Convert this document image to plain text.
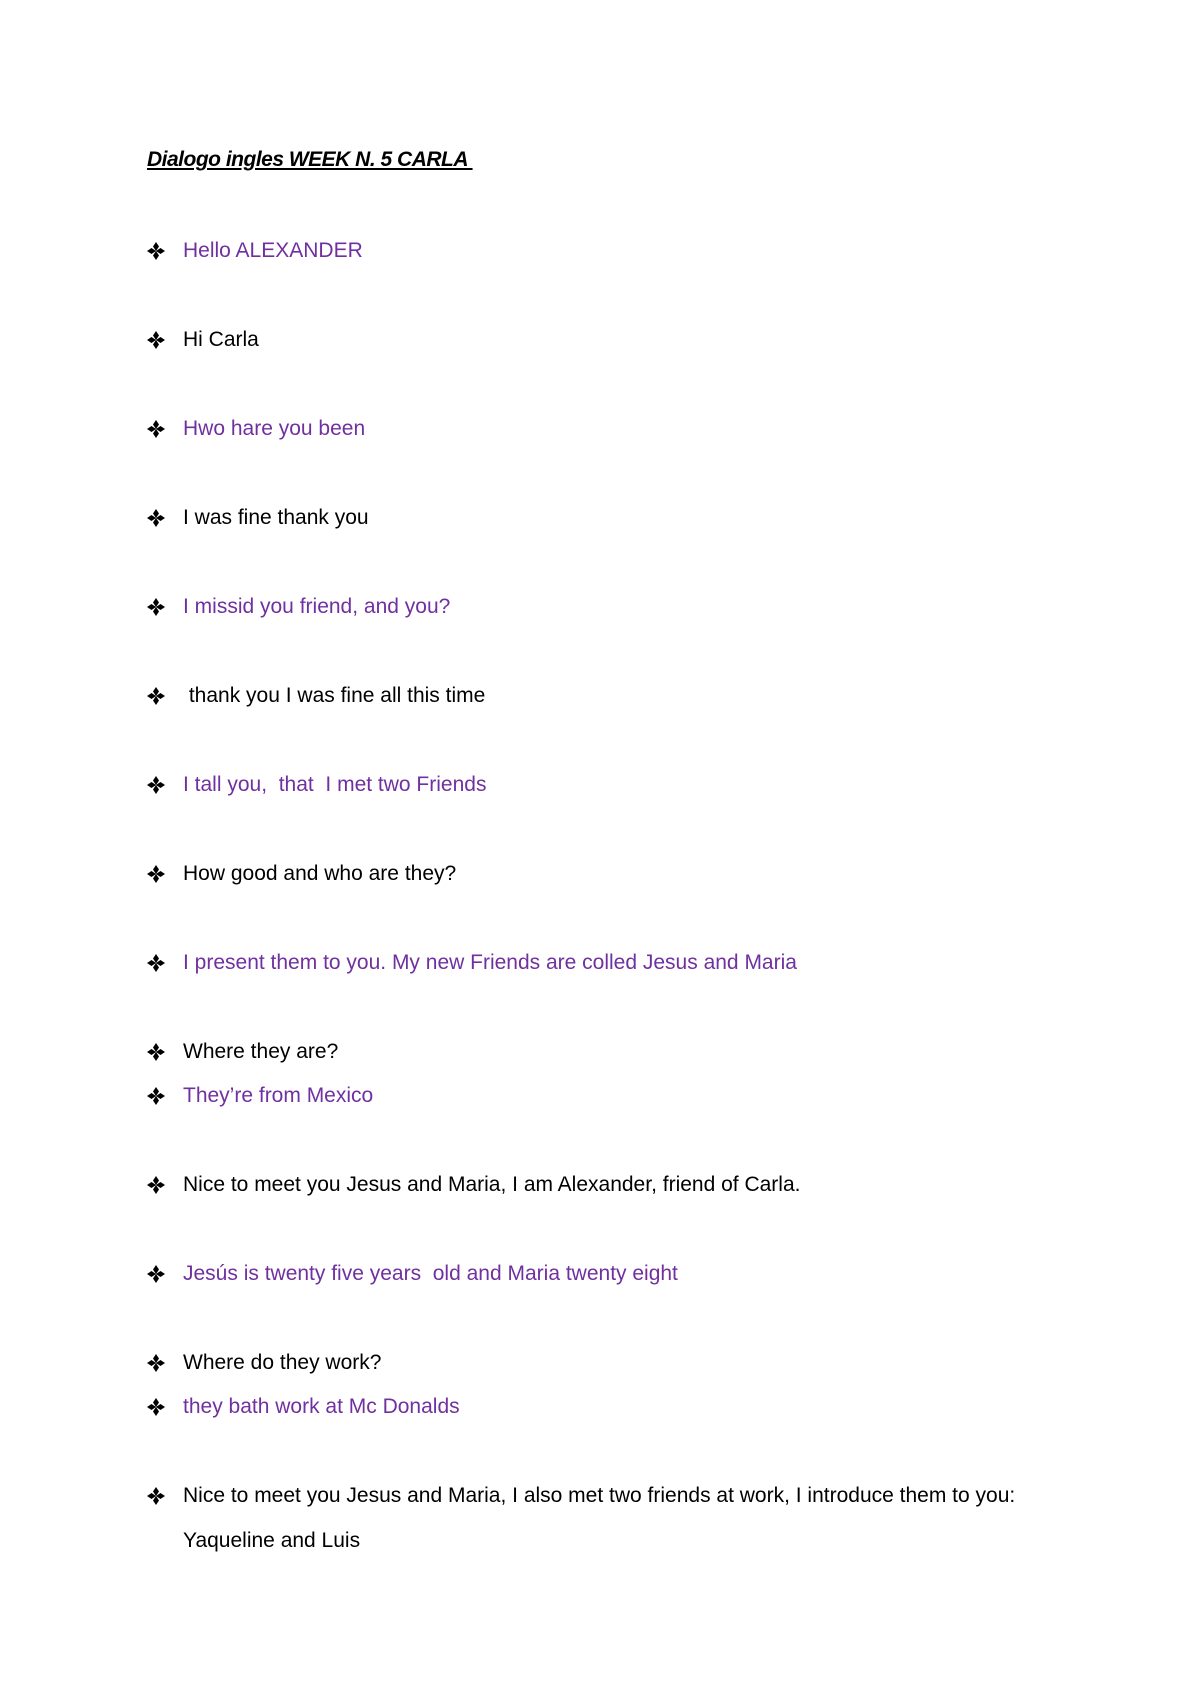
Dialogo ingles WEEK N. 5 CARLA

Hello ALEXANDER
Hi Carla
Hwo hare you been
I was fine thank you
I missid you friend, and you?
thank you I was fine all this time
I tall you,  that  I met two Friends
How good and who are they?
I present them to you. My new Friends are colled Jesus and Maria
Where they are?
They’re from Mexico
Nice to meet you Jesus and Maria, I am Alexander, friend of Carla.
Jesús is twenty five years  old and Maria twenty eight
Where do they work?
they bath work at Mc Donalds
Nice to meet you Jesus and Maria, I also met two friends at work, I introduce them to you: Yaqueline and Luis
